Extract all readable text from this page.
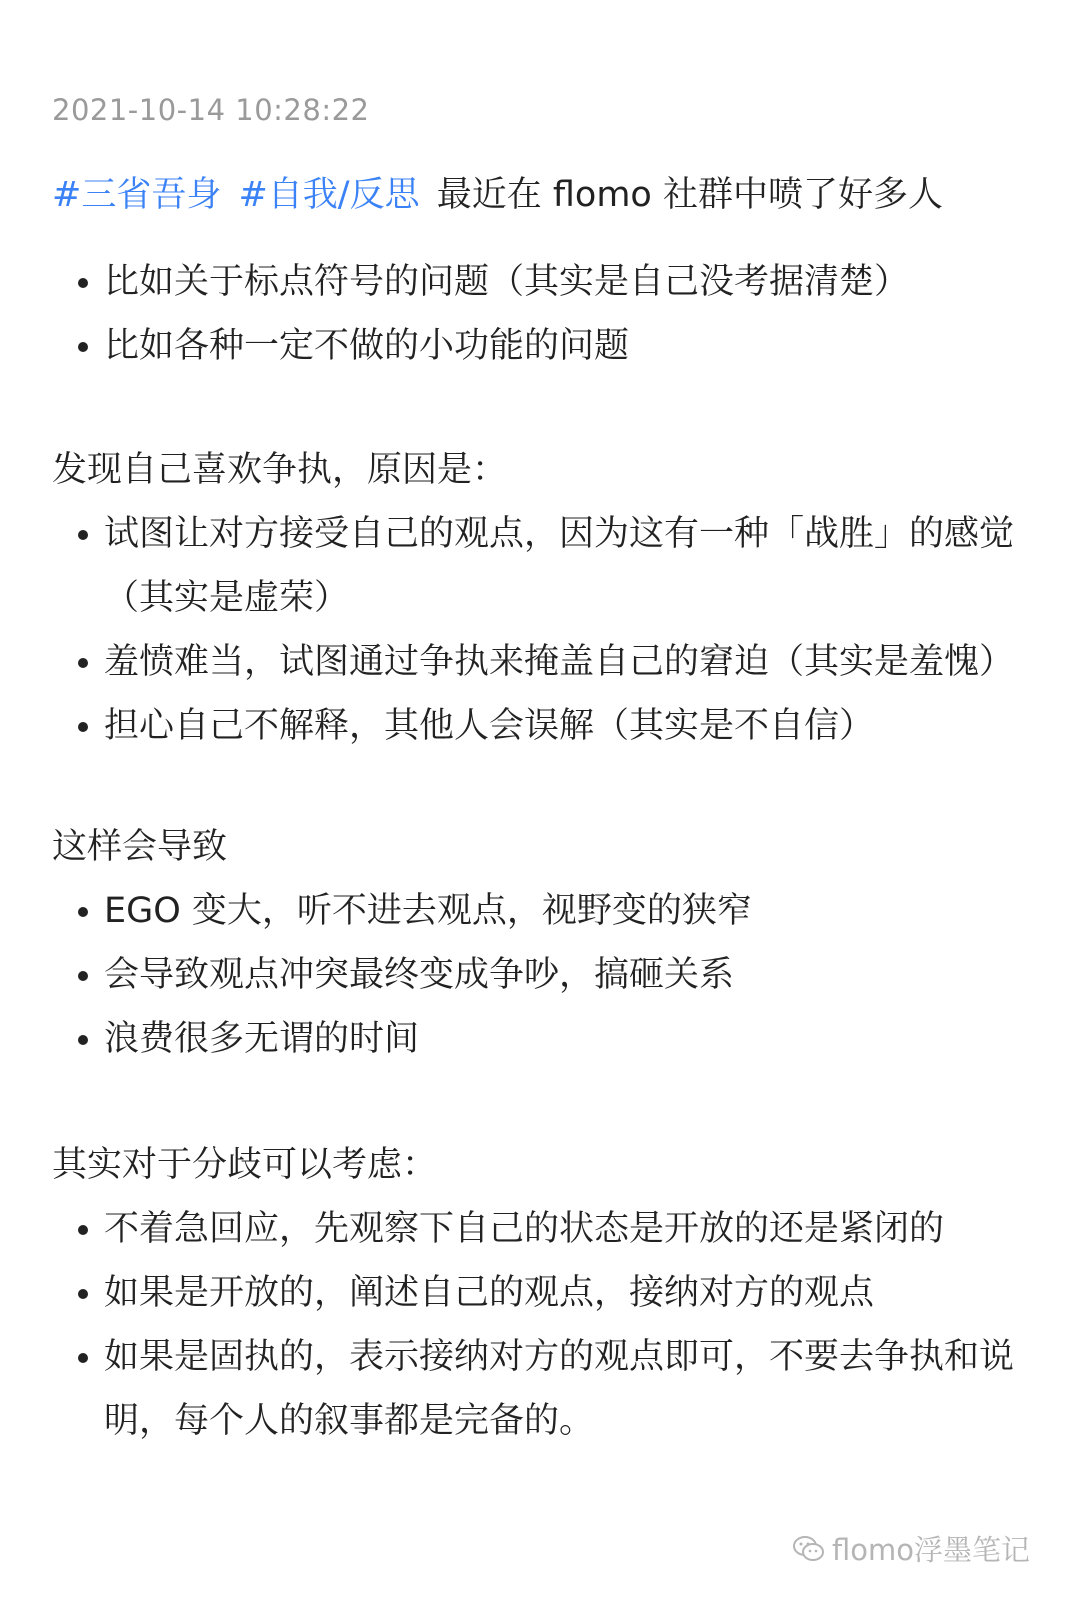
2021-10-14 10:28:22
#三省吾身 #自我/反思 最近在 flomo 社群中喷了好多人
比如关于标点符号的问题（其实是自己没考据清楚）
比如各种一定不做的小功能的问题
发现自己喜欢争执，原因是：
试图让对方接受自己的观点，因为这有一种「战胜」的感觉（其实是虚荣）
羞愤难当，试图通过争执来掩盖自己的窘迫（其实是羞愧）
担心自己不解释，其他人会误解（其实是不自信）
这样会导致
EGO 变大，听不进去观点，视野变的狭窄
会导致观点冲突最终变成争吵，搞砸关系
浪费很多无谓的时间
其实对于分歧可以考虑：
不着急回应，先观察下自己的状态是开放的还是紧闭的
如果是开放的，阐述自己的观点，接纳对方的观点
如果是固执的，表示接纳对方的观点即可，不要去争执和说明，每个人的叙事都是完备的。
flomo浮墨笔记
